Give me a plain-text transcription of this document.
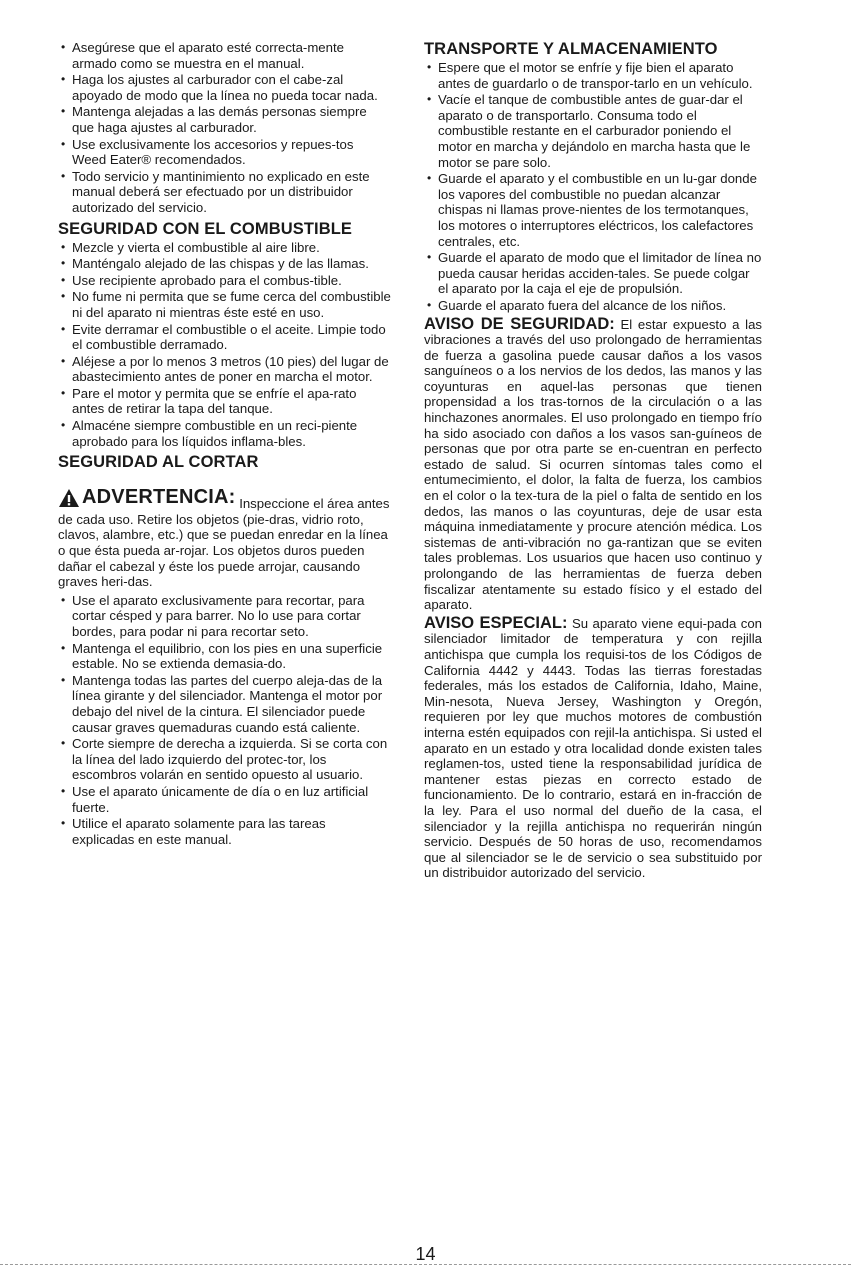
• Asegúrese que el aparato esté correcta-mente armado como se muestra en el manual.
• Haga los ajustes al carburador con el cabe-zal apoyado de modo que la línea no pueda tocar nada.
• Mantenga alejadas a las demás personas siempre que haga ajustes al carburador.
• Use exclusivamente los accesorios y repues-tos Weed Eater® recomendados.
• Todo servicio y mantinimiento no explicado en este manual deberá ser efectuado por un distribuidor autorizado del servicio.
SEGURIDAD CON EL COMBUSTIBLE
• Mezcle y vierta el combustible al aire libre.
• Manténgalo alejado de las chispas y de las llamas.
• Use recipiente aprobado para el combus-tible.
• No fume ni permita que se fume cerca del combustible ni del aparato ni mientras éste esté en uso.
• Evite derramar el combustible o el aceite. Limpie todo el combustible derramado.
• Aléjese a por lo menos 3 metros (10 pies) del lugar de abastecimiento antes de poner en marcha el motor.
• Pare el motor y permita que se enfríe el apa-rato antes de retirar la tapa del tanque.
• Almacéne siempre combustible en un reci-piente aprobado para los líquidos inflama-bles.
SEGURIDAD AL CORTAR
ADVERTENCIA: Inspeccione el área antes de cada uso. Retire los objetos (pie-dras, vidrio roto, clavos, alambre, etc.) que se puedan enredar en la línea o que ésta pueda ar-rojar. Los objetos duros pueden dañar el cabezal y éste los puede arrojar, causando graves heri-das.
• Use el aparato exclusivamente para recortar, para cortar césped y para barrer. No lo use para cortar bordes, para podar ni para recortar seto.
• Mantenga el equilibrio, con los pies en una superficie estable. No se extienda demasia-do.
• Mantenga todas las partes del cuerpo aleja-das de la línea girante y del silenciador. Mantenga el motor por debajo del nivel de la cintura. El silenciador puede causar graves quemaduras cuando está caliente.
• Corte siempre de derecha a izquierda. Si se corta con la línea del lado izquierdo del protec-tor, los escombros volarán en sentido opuesto al usuario.
• Use el aparato únicamente de día o en luz artificial fuerte.
• Utilice el aparato solamente para las tareas explicadas en este manual.
TRANSPORTE Y ALMACENAMIENTO
• Espere que el motor se enfríe y fije bien el aparato antes de guardarlo o de transpor-tarlo en un vehículo.
• Vacíe el tanque de combustible antes de guar-dar el aparato o de transportarlo. Consuma todo el combustible restante en el carburador poniendo el motor en marcha y dejándolo en marcha hasta que le motor se pare solo.
• Guarde el aparato y el combustible en un lu-gar donde los vapores del combustible no puedan alcanzar chispas ni llamas prove-nientes de los termotanques, los motores o interruptores eléctricos, los calefactores centrales, etc.
• Guarde el aparato de modo que el limitador de línea no pueda causar heridas acciden-tales. Se puede colgar el aparato por la caja el eje de propulsión.
• Guarde el aparato fuera del alcance de los niños.

AVISO DE SEGURIDAD: El estar expuesto a las vibraciones a través del uso prolongado de herramientas de fuerza a gasolina puede causar daños a los vasos sanguíneos o a los nervios de los dedos, las manos y las coyunturas en aquel-las personas que tienen propensidad a los tras-tornos de la circulación o a las hinchazones anormales. El uso prolongado en tiempo frío ha sido asociado con daños a los vasos san-guíneos de personas que por otra parte se en-cuentran en perfecto estado de salud. Si ocurren síntomas tales como el entumecimiento, el dolor, la falta de fuerza, los cambios en el color o la tex-tura de la piel o falta de sentido en los dedos, las manos o las coyunturas, deje de usar esta máquina inmediatamente y procure atención médica. Los sistemas de anti-vibración no ga-rantizan que se eviten tales problemas. Los usuarios que hacen uso continuo y prolongando de las herramientas de fuerza deben fiscalizar atentamente su estado físico y el estado del aparato.

AVISO ESPECIAL: Su aparato viene equi-pada con silenciador limitador de temperatura y con rejilla antichispa que cumpla los requisi-tos de los Códigos de California 4442 y 4443. Todas las tierras forestadas federales, más los estados de California, Idaho, Maine, Min-nesota, Nueva Jersey, Washington y Oregón, requieren por ley que muchos motores de combustión interna estén equipados con rejil-la antichispa. Si usted el aparato en un estado y otra localidad donde existen tales reglamen-tos, usted tiene la responsabilidad jurídica de mantener estas piezas en correcto estado de funcionamiento. De lo contrario, estará en in-fracción de la ley. Para el uso normal del dueño de la casa, el silenciador y la rejilla antichispa no requerirán ningún servicio. Después de 50 horas de uso, recomendamos que al silenciador se le de servicio o sea substituido por un distribuidor autorizado del servicio.

14
